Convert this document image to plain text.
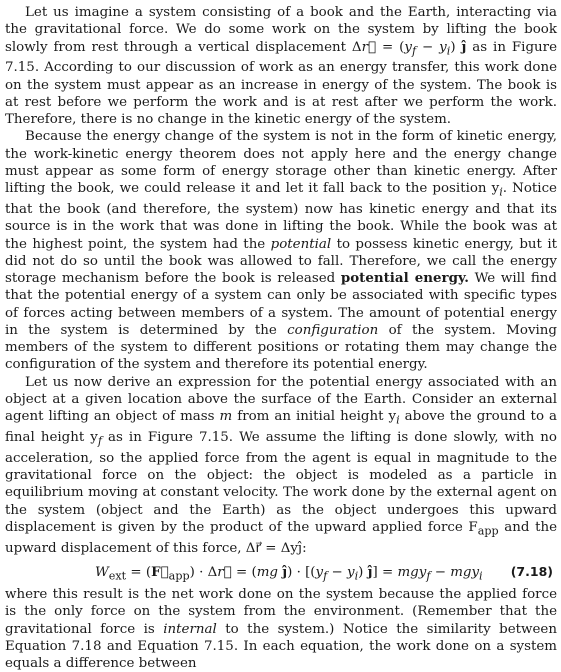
Let us imagine a system consisting of a book and the Earth, interacting via the gravitational force. We do some work on the system by lifting the book slowly from rest through a vertical displacement Δr⃗ = $(y_f - y_i)$ ĵ as in Figure 7.15. According to our discussion of work as an energy transfer, this work done on the system must appear as an increase in energy of the system. The book is at rest before we perform the work and is at rest after we perform the work. Therefore, there is no change in the kinetic energy of the system.

Because the energy change of the system is not in the form of kinetic energy, the work-kinetic energy theorem does not apply here and the energy change must appear as some form of energy storage other than kinetic energy. After lifting the book, we could release it and let it fall back to the position $y_i$. Notice that the book (and therefore, the system) now has kinetic energy and that its source is in the work that was done in lifting the book. While the book was at the highest point, the system had the potential to possess kinetic energy, but it did not do so until the book was allowed to fall. Therefore, we call the energy storage mechanism before the book is released potential energy. We will find that the potential energy of a system can only be associated with specific types of forces acting between members of a system. The amount of potential energy in the system is determined by the configuration of the system. Moving members of the system to different positions or rotating them may change the configuration of the system and therefore its potential energy.

Let us now derive an expression for the potential energy associated with an object at a given location above the surface of the Earth. Consider an external agent lifting an object of mass m from an initial height $y_i$ above the ground to a final height $y_f$ as in Figure 7.15. We assume the lifting is done slowly, with no acceleration, so the applied force from the agent is equal in magnitude to the gravitational force on the object: the object is modeled as a particle in equilibrium moving at constant velocity. The work done by the external agent on the system (object and the Earth) as the object undergoes this upward displacement is given by the product of the upward applied force $F_{app}$ and the upward displacement of this force, Δr⃗ = Δyĵ:

$W_{ext}$ = $(F⃗_{app})$ · Δr⃗ = (mg ĵ) · [$(y_f - y_i)$ ĵ] = mgy$_f$ − mgy$_i$ (7.18)

where this result is the net work done on the system because the applied force is the only force on the system from the environment. (Remember that the gravitational force is internal to the system.) Notice the similarity between Equation 7.18 and Equation 7.15. In each equation, the work done on a system equals a difference between
